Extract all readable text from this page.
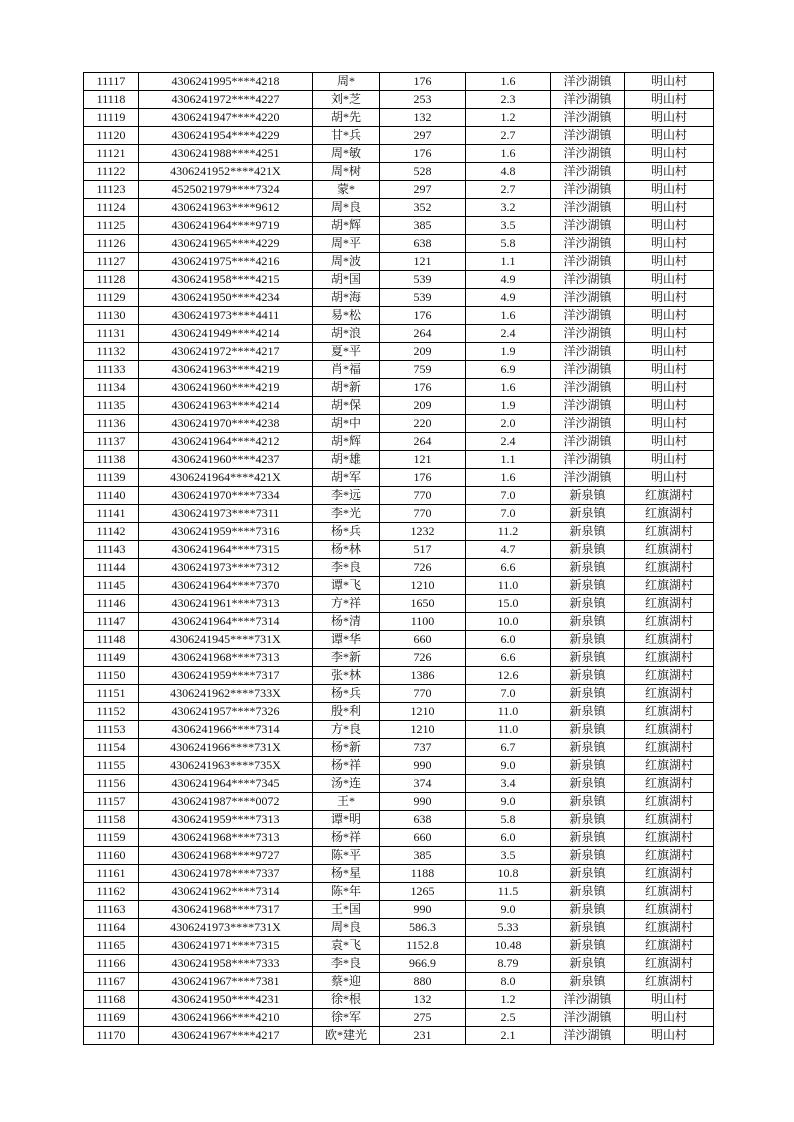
11117	4306241995****4218	周*	176	1.6	洋沙湖镇	明山村
11118	4306241972****4227	刘*芝	253	2.3	洋沙湖镇	明山村
11119	4306241947****4220	胡*先	132	1.2	洋沙湖镇	明山村
11120	4306241954****4229	甘*兵	297	2.7	洋沙湖镇	明山村
11121	4306241988****4251	周*敏	176	1.6	洋沙湖镇	明山村
11122	4306241952****421X	周*树	528	4.8	洋沙湖镇	明山村
11123	4525021979****7324	蒙*	297	2.7	洋沙湖镇	明山村
11124	4306241963****9612	周*良	352	3.2	洋沙湖镇	明山村
11125	4306241964****9719	胡*辉	385	3.5	洋沙湖镇	明山村
11126	4306241965****4229	周*平	638	5.8	洋沙湖镇	明山村
11127	4306241975****4216	周*波	121	1.1	洋沙湖镇	明山村
11128	4306241958****4215	胡*国	539	4.9	洋沙湖镇	明山村
11129	4306241950****4234	胡*海	539	4.9	洋沙湖镇	明山村
11130	4306241973****4411	易*松	176	1.6	洋沙湖镇	明山村
11131	4306241949****4214	胡*浪	264	2.4	洋沙湖镇	明山村
11132	4306241972****4217	夏*平	209	1.9	洋沙湖镇	明山村
11133	4306241963****4219	肖*福	759	6.9	洋沙湖镇	明山村
11134	4306241960****4219	胡*新	176	1.6	洋沙湖镇	明山村
11135	4306241963****4214	胡*保	209	1.9	洋沙湖镇	明山村
11136	4306241970****4238	胡*中	220	2.0	洋沙湖镇	明山村
11137	4306241964****4212	胡*辉	264	2.4	洋沙湖镇	明山村
11138	4306241960****4237	胡*雄	121	1.1	洋沙湖镇	明山村
11139	4306241964****421X	胡*军	176	1.6	洋沙湖镇	明山村
11140	4306241970****7334	李*远	770	7.0	新泉镇	红旗湖村
11141	4306241973****7311	李*光	770	7.0	新泉镇	红旗湖村
11142	4306241959****7316	杨*兵	1232	11.2	新泉镇	红旗湖村
11143	4306241964****7315	杨*林	517	4.7	新泉镇	红旗湖村
11144	4306241973****7312	李*良	726	6.6	新泉镇	红旗湖村
11145	4306241964****7370	谭*飞	1210	11.0	新泉镇	红旗湖村
11146	4306241961****7313	方*祥	1650	15.0	新泉镇	红旗湖村
11147	4306241964****7314	杨*清	1100	10.0	新泉镇	红旗湖村
11148	4306241945****731X	谭*华	660	6.0	新泉镇	红旗湖村
11149	4306241968****7313	李*新	726	6.6	新泉镇	红旗湖村
11150	4306241959****7317	张*林	1386	12.6	新泉镇	红旗湖村
11151	4306241962****733X	杨*兵	770	7.0	新泉镇	红旗湖村
11152	4306241957****7326	殷*利	1210	11.0	新泉镇	红旗湖村
11153	4306241966****7314	方*良	1210	11.0	新泉镇	红旗湖村
11154	4306241966****731X	杨*新	737	6.7	新泉镇	红旗湖村
11155	4306241963****735X	杨*祥	990	9.0	新泉镇	红旗湖村
11156	4306241964****7345	汤*连	374	3.4	新泉镇	红旗湖村
11157	4306241987****0072	王*	990	9.0	新泉镇	红旗湖村
11158	4306241959****7313	谭*明	638	5.8	新泉镇	红旗湖村
11159	4306241968****7313	杨*祥	660	6.0	新泉镇	红旗湖村
11160	4306241968****9727	陈*平	385	3.5	新泉镇	红旗湖村
11161	4306241978****7337	杨*星	1188	10.8	新泉镇	红旗湖村
11162	4306241962****7314	陈*年	1265	11.5	新泉镇	红旗湖村
11163	4306241968****7317	王*国	990	9.0	新泉镇	红旗湖村
11164	4306241973****731X	周*良	586.3	5.33	新泉镇	红旗湖村
11165	4306241971****7315	袁*飞	1152.8	10.48	新泉镇	红旗湖村
11166	4306241958****7333	李*良	966.9	8.79	新泉镇	红旗湖村
11167	4306241967****7381	蔡*迎	880	8.0	新泉镇	红旗湖村
11168	4306241950****4231	徐*根	132	1.2	洋沙湖镇	明山村
11169	4306241966****4210	徐*军	275	2.5	洋沙湖镇	明山村
11170	4306241967****4217	欧*建光	231	2.1	洋沙湖镇	明山村
